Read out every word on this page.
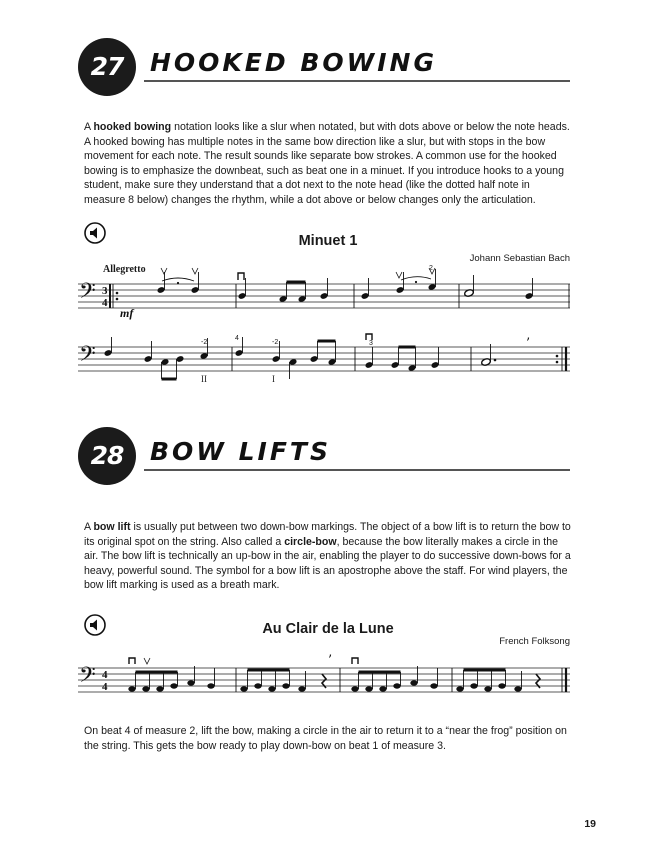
27	HOOKED BOWING

A hooked bowing notation looks like a slur when notated, but with dots above or below the note heads. A hooked bowing has multiple notes in the same bow direction like a slur, but with stops in the bow movement for each note. The result sounds like separate bow strokes. A common use for the hooked bowing is to emphasize the downbeat, such as beat one in a minuet. If you introduce hooks to a young student, make sure they understand that a dot next to the note head (like the dotted half note in measure 8 below) changes the rhythm, while a dot above or below changes only the articulation.

Minuet 1
Johann Sebastian Bach
Allegretto
𝄢 3
4
mf
𝄢	’
-2
4
-2	3
2
II	I
28	BOW LIFTS

A bow lift is usually put between two down-bow markings. The object of a bow lift is to return the bow to its original spot on the string. Also called a circle-bow, because the bow literally makes a circle in the air. The bow lift is technically an up-bow in the air, enabling the player to do successive down-bows for a heavy, powerful sound. The symbol for a bow lift is an apostrophe above the staff. For wind players, the bow lift marking is used as a breath mark.

Au Clair de la Lune
French Folksong
𝄢 4
4
’
On beat 4 of measure 2, lift the bow, making a circle in the air to return it to a “near the frog” position on the string. This gets the bow ready to play down-bow on beat 1 of measure 3.
19
